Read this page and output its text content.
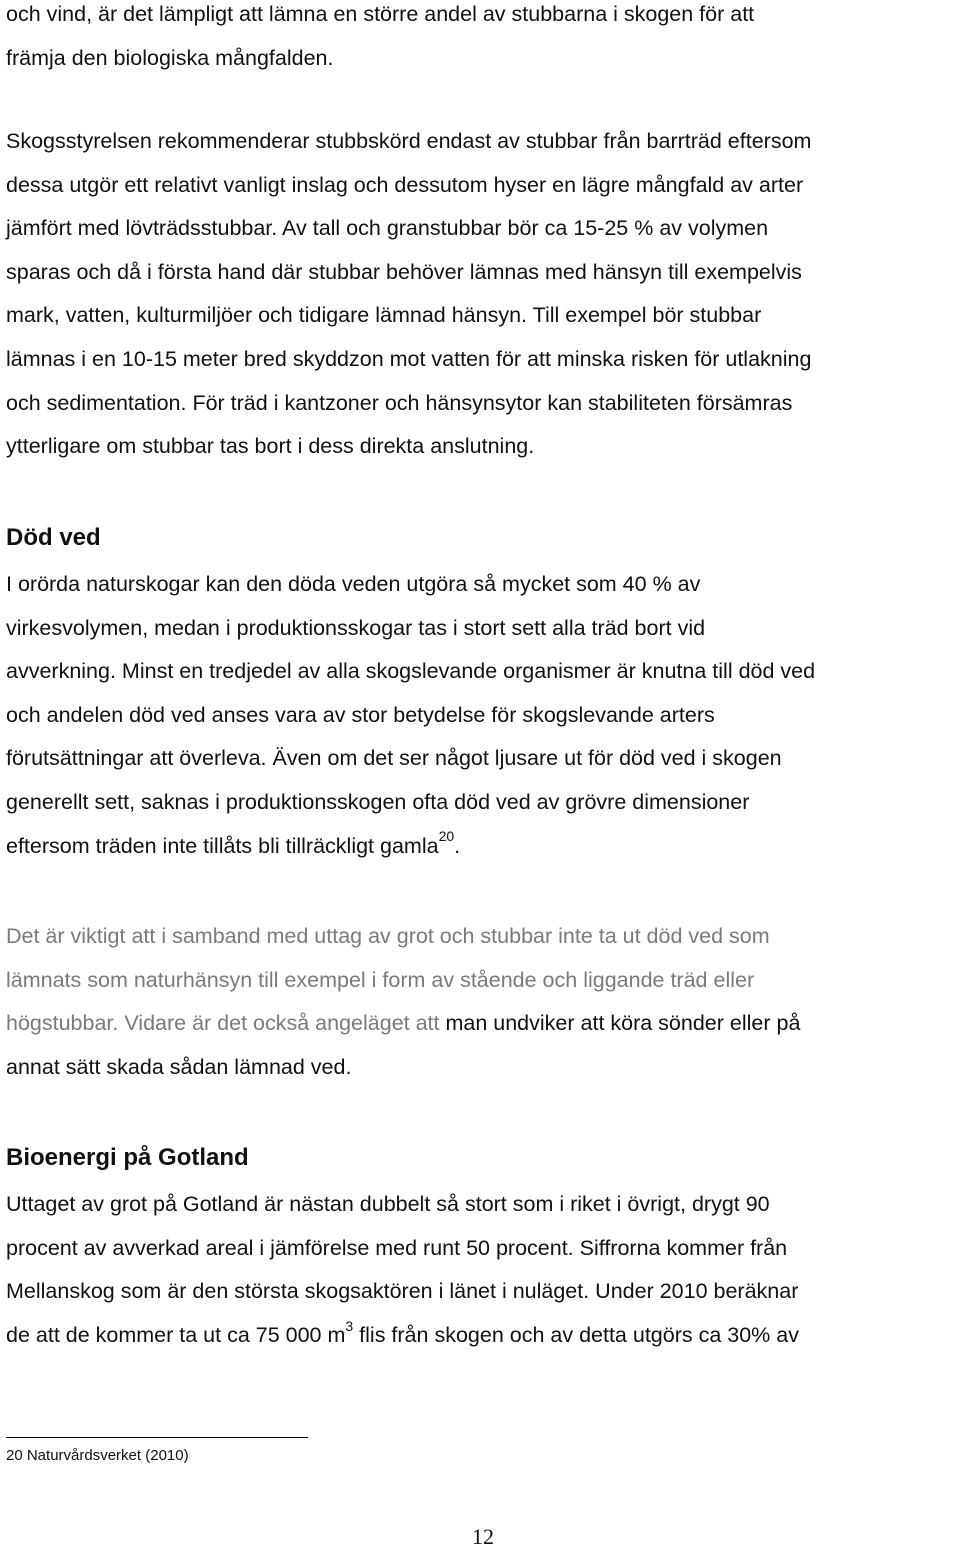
och vind, är det lämpligt att lämna en större andel av stubbarna i skogen för att
främja den biologiska mångfalden.

Skogsstyrelsen rekommenderar stubbskörd endast av stubbar från barrträd eftersom
dessa utgör ett relativt vanligt inslag och dessutom hyser en lägre mångfald av arter
jämfört med lövträdsstubbar. Av tall och granstubbar bör ca 15-25 % av volymen
sparas och då i första hand där stubbar behöver lämnas med hänsyn till exempelvis
mark, vatten, kulturmiljöer och tidigare lämnad hänsyn. Till exempel bör stubbar
lämnas i en 10-15 meter bred skyddzon mot vatten för att minska risken för utlakning
och sedimentation. För träd i kantzoner och hänsynsytor kan stabiliteten försämras
ytterligare om stubbar tas bort i dess direkta anslutning.

Död ved

I orörda naturskogar kan den döda veden utgöra så mycket som 40 % av
virkesvolymen, medan i produktionsskogar tas i stort sett alla träd bort vid
avverkning. Minst en tredjedel av alla skogslevande organismer är knutna till död ved
och andelen död ved anses vara av stor betydelse för skogslevande arters
förutsättningar att överleva. Även om det ser något ljusare ut för död ved i skogen
generellt sett, saknas i produktionsskogen ofta död ved av grövre dimensioner
eftersom träden inte tillåts bli tillräckligt gamla$^{20}$.

Det är viktigt att i samband med uttag av grot och stubbar inte ta ut död ved som
lämnats som naturhänsyn till exempel i form av stående och liggande träd eller
högstubbar. Vidare är det också angeläget att man undviker att köra sönder eller på
annat sätt skada sådan lämnad ved.

Bioenergi på Gotland

Uttaget av grot på Gotland är nästan dubbelt så stort som i riket i övrigt, drygt 90
procent av avverkad areal i jämförelse med runt 50 procent. Siffrorna kommer från
Mellanskog som är den största skogsaktören i länet i nuläget. Under 2010 beräknar
de att de kommer ta ut ca 75 000 $m^3$ flis från skogen och av detta utgörs ca 30% av

20 Naturvårdsverket (2010)
12
